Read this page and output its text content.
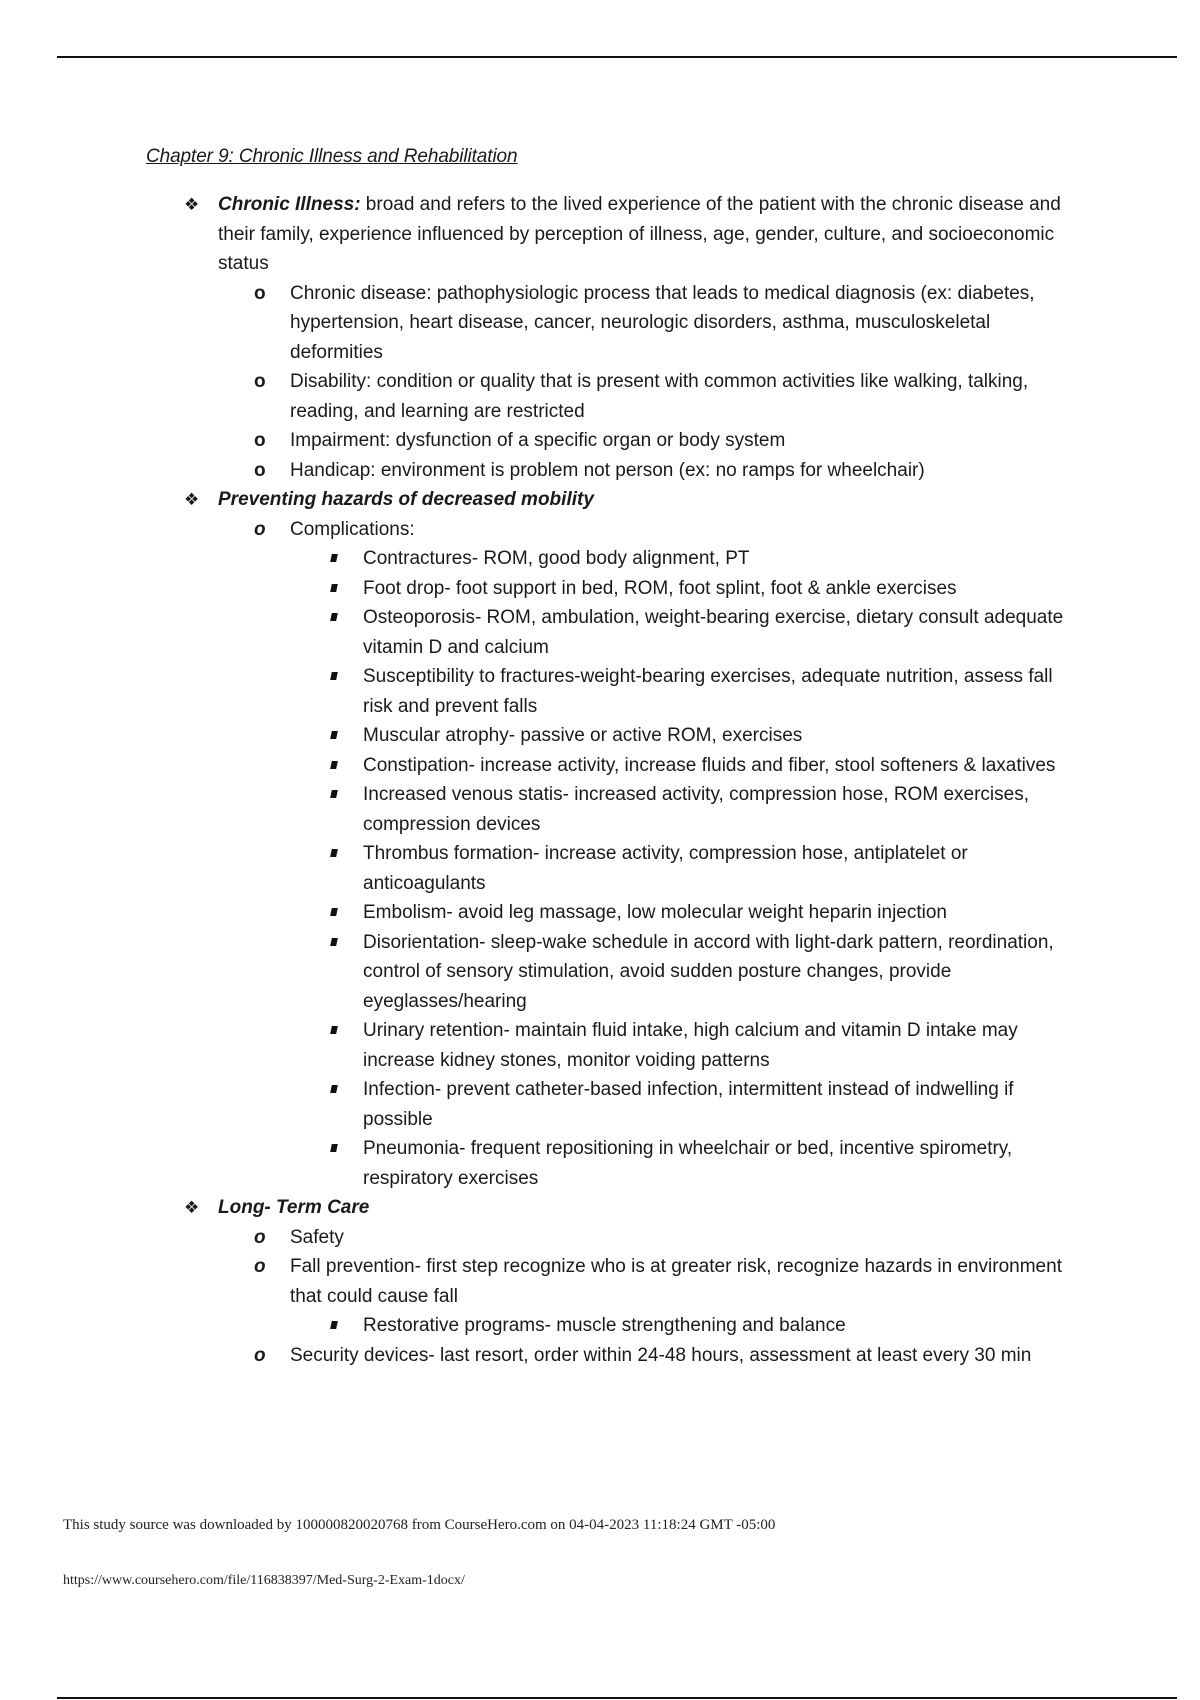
Chapter 9: Chronic Illness and Rehabilitation
❖ Chronic Illness: broad and refers to the lived experience of the patient with the chronic disease and their family, experience influenced by perception of illness, age, gender, culture, and socioeconomic status
o Chronic disease: pathophysiologic process that leads to medical diagnosis (ex: diabetes, hypertension, heart disease, cancer, neurologic disorders, asthma, musculoskeletal deformities
o Disability: condition or quality that is present with common activities like walking, talking, reading, and learning are restricted
o Impairment: dysfunction of a specific organ or body system
o Handicap: environment is problem not person (ex: no ramps for wheelchair)
❖ Preventing hazards of decreased mobility
o Complications:
Contractures- ROM, good body alignment, PT
Foot drop- foot support in bed, ROM, foot splint, foot & ankle exercises
Osteoporosis- ROM, ambulation, weight-bearing exercise, dietary consult adequate vitamin D and calcium
Susceptibility to fractures-weight-bearing exercises, adequate nutrition, assess fall risk and prevent falls
Muscular atrophy- passive or active ROM, exercises
Constipation- increase activity, increase fluids and fiber, stool softeners & laxatives
Increased venous statis- increased activity, compression hose, ROM exercises, compression devices
Thrombus formation- increase activity, compression hose, antiplatelet or anticoagulants
Embolism- avoid leg massage, low molecular weight heparin injection
Disorientation- sleep-wake schedule in accord with light-dark pattern, reordination, control of sensory stimulation, avoid sudden posture changes, provide eyeglasses/hearing
Urinary retention- maintain fluid intake, high calcium and vitamin D intake may increase kidney stones, monitor voiding patterns
Infection- prevent catheter-based infection, intermittent instead of indwelling if possible
Pneumonia- frequent repositioning in wheelchair or bed, incentive spirometry, respiratory exercises
❖ Long- Term Care
o Safety
o Fall prevention- first step recognize who is at greater risk, recognize hazards in environment that could cause fall
Restorative programs- muscle strengthening and balance
o Security devices- last resort, order within 24-48 hours, assessment at least every 30 min
This study source was downloaded by 100000820020768 from CourseHero.com on 04-04-2023 11:18:24 GMT -05:00
https://www.coursehero.com/file/116838397/Med-Surg-2-Exam-1docx/
